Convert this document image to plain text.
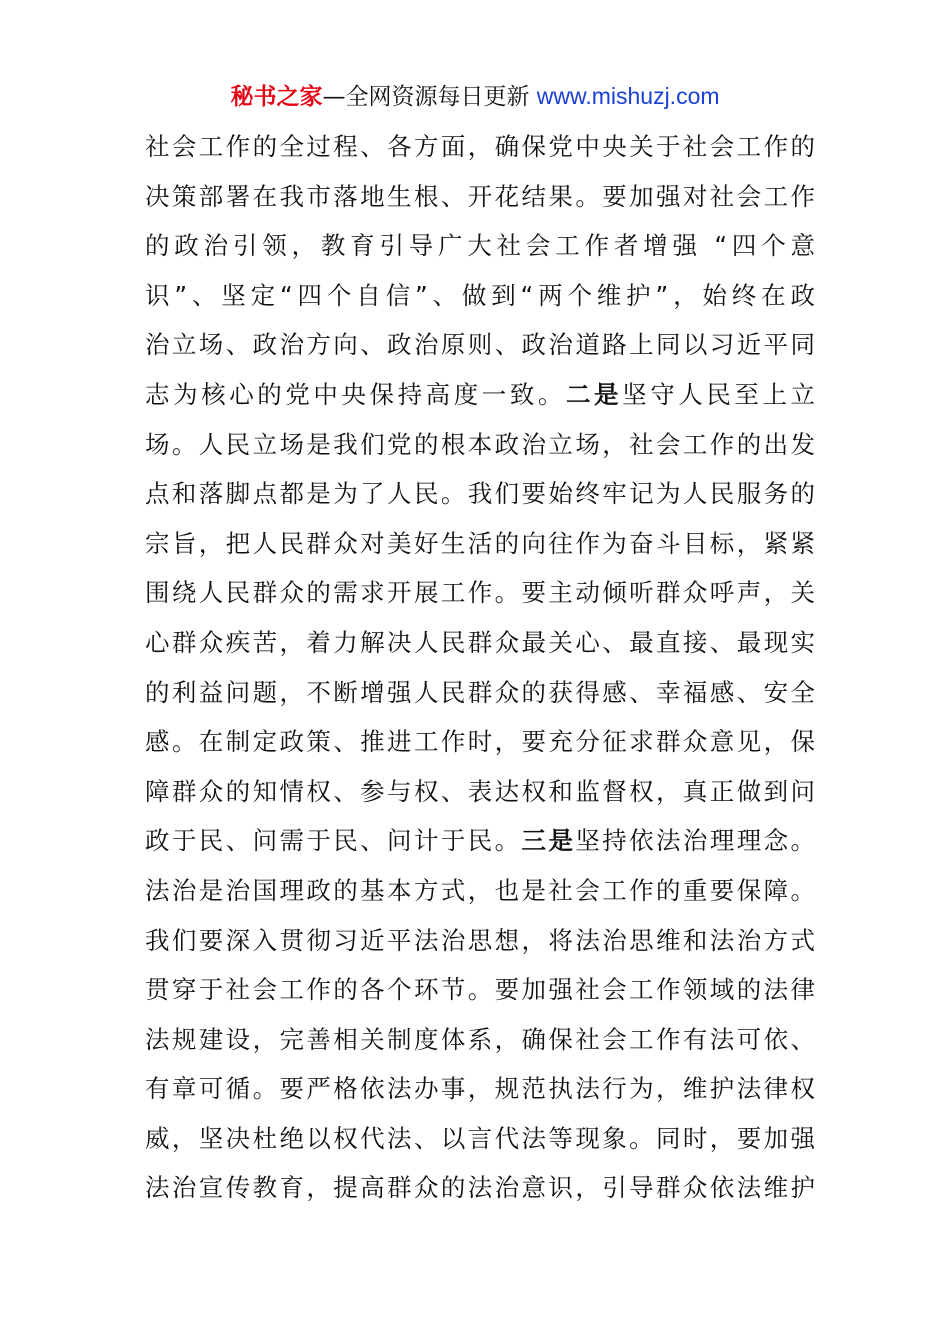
秘书之家—全网资源每日更新 www.mishuzj.com
社会工作的全过程、各方面，确保党中央关于社会工作的
决策部署在我市落地生根、开花结果。要加强对社会工作
的政治引领，教育引导广大社会工作者增强 “四个意
识”、坚定“四个自信”、做到“两个维护”，始终在政
治立场、政治方向、政治原则、政治道路上同以习近平同
志为核心的党中央保持高度一致。二是坚守人民至上立
场。人民立场是我们党的根本政治立场，社会工作的出发
点和落脚点都是为了人民。我们要始终牢记为人民服务的
宗旨，把人民群众对美好生活的向往作为奋斗目标，紧紧
围绕人民群众的需求开展工作。要主动倾听群众呼声，关
心群众疾苦，着力解决人民群众最关心、最直接、最现实
的利益问题，不断增强人民群众的获得感、幸福感、安全
感。在制定政策、推进工作时，要充分征求群众意见，保
障群众的知情权、参与权、表达权和监督权，真正做到问
政于民、问需于民、问计于民。三是坚持依法治理理念。
法治是治国理政的基本方式，也是社会工作的重要保障。
我们要深入贯彻习近平法治思想，将法治思维和法治方式
贯穿于社会工作的各个环节。要加强社会工作领域的法律
法规建设，完善相关制度体系，确保社会工作有法可依、
有章可循。要严格依法办事，规范执法行为，维护法律权
威，坚决杜绝以权代法、以言代法等现象。同时，要加强
法治宣传教育，提高群众的法治意识，引导群众依法维护
